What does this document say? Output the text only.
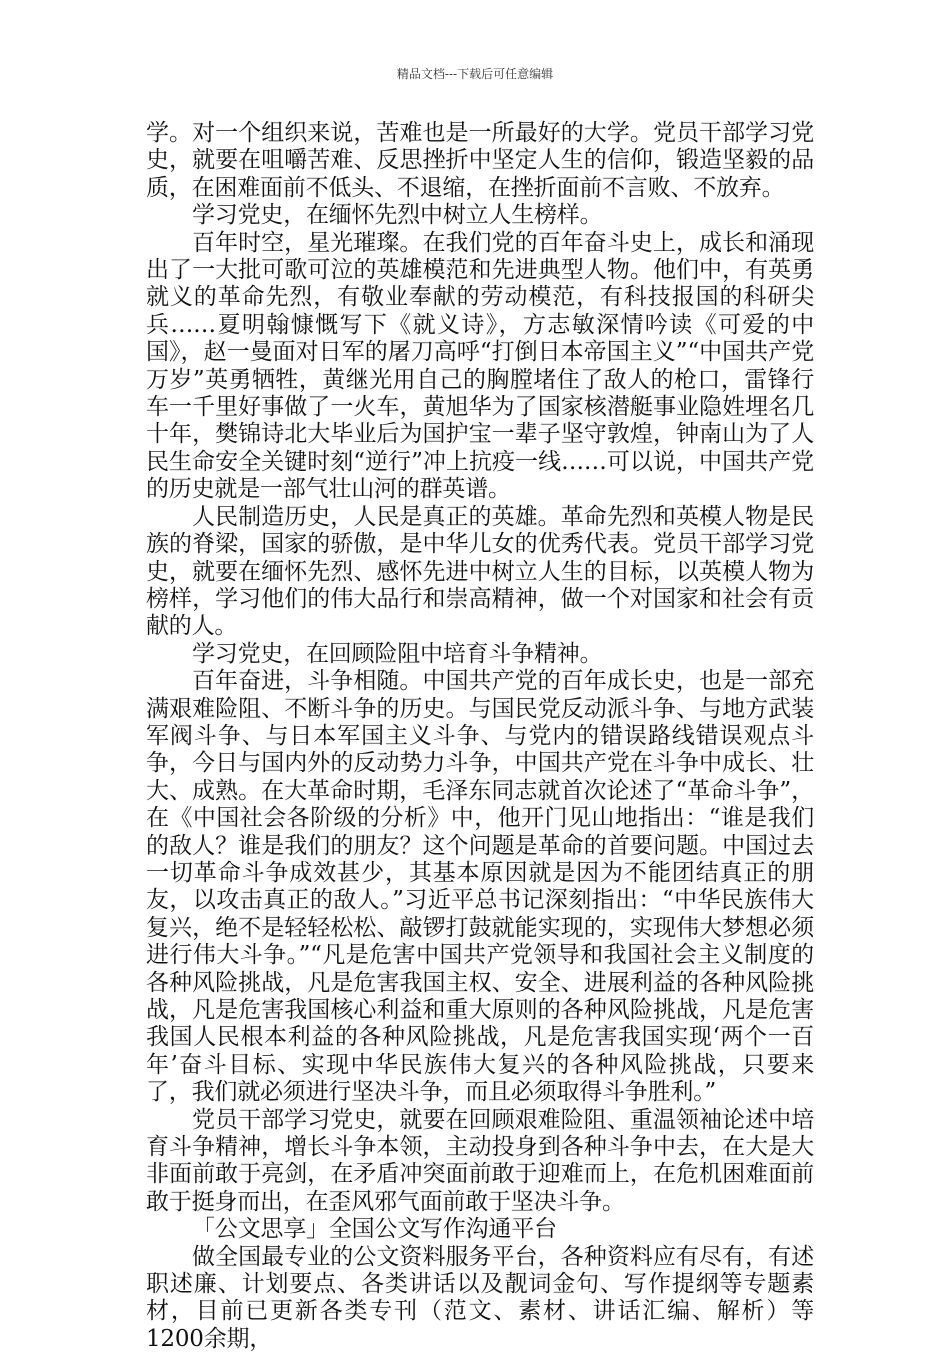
精品文档---下载后可任意编辑

学。对一个组织来说，苦难也是一所最好的大学。党员干部学习党史，就要在咀嚼苦难、反思挫折中坚定人生的信仰，锻造坚毅的品质，在困难面前不低头、不退缩，在挫折面前不言败、不放弃。

学习党史，在缅怀先烈中树立人生榜样。

百年时空，星光璀璨。在我们党的百年奋斗史上，成长和涌现出了一大批可歌可泣的英雄模范和先进典型人物。他们中，有英勇就义的革命先烈，有敬业奉献的劳动模范，有科技报国的科研尖兵……夏明翰慷慨写下《就义诗》，方志敏深情吟读《可爱的中国》，赵一曼面对日军的屠刀高呼“打倒日本帝国主义”“中国共产党万岁”英勇牺牲，黄继光用自己的胸膛堵住了敌人的枪口，雷锋行车一千里好事做了一火车，黄旭华为了国家核潜艇事业隐姓埋名几十年，樊锦诗北大毕业后为国护宝一辈子坚守敦煌，钟南山为了人民生命安全关键时刻“逆行”冲上抗疫一线……可以说，中国共产党的历史就是一部气壮山河的群英谱。

人民制造历史，人民是真正的英雄。革命先烈和英模人物是民族的脊梁，国家的骄傲，是中华儿女的优秀代表。党员干部学习党史，就要在缅怀先烈、感怀先进中树立人生的目标，以英模人物为榜样，学习他们的伟大品行和崇高精神，做一个对国家和社会有贡献的人。

学习党史，在回顾险阻中培育斗争精神。

百年奋进，斗争相随。中国共产党的百年成长史，也是一部充满艰难险阻、不断斗争的历史。与国民党反动派斗争、与地方武装军阀斗争、与日本军国主义斗争、与党内的错误路线错误观点斗争，今日与国内外的反动势力斗争，中国共产党在斗争中成长、壮大、成熟。在大革命时期，毛泽东同志就首次论述了“革命斗争”，在《中国社会各阶级的分析》中，他开门见山地指出：“谁是我们的敌人？谁是我们的朋友？这个问题是革命的首要问题。中国过去一切革命斗争成效甚少，其基本原因就是因为不能团结真正的朋友，以攻击真正的敌人。”习近平总书记深刻指出：“中华民族伟大复兴，绝不是轻轻松松、敲锣打鼓就能实现的，实现伟大梦想必须进行伟大斗争。”“凡是危害中国共产党领导和我国社会主义制度的各种风险挑战，凡是危害我国主权、安全、进展利益的各种风险挑战，凡是危害我国核心利益和重大原则的各种风险挑战，凡是危害我国人民根本利益的各种风险挑战，凡是危害我国实现‘两个一百年’奋斗目标、实现中华民族伟大复兴的各种风险挑战，只要来了，我们就必须进行坚决斗争，而且必须取得斗争胜利。”

党员干部学习党史，就要在回顾艰难险阻、重温领袖论述中培育斗争精神，增长斗争本领，主动投身到各种斗争中去，在大是大非面前敢于亮剑，在矛盾冲突面前敢于迎难而上，在危机困难面前敢于挺身而出，在歪风邪气面前敢于坚决斗争。

「公文思享」全国公文写作沟通平台

做全国最专业的公文资料服务平台，各种资料应有尽有，有述职述廉、计划要点、各类讲话以及靓词金句、写作提纲等专题素材，目前已更新各类专刊（范文、素材、讲话汇编、解析）等1200余期，
